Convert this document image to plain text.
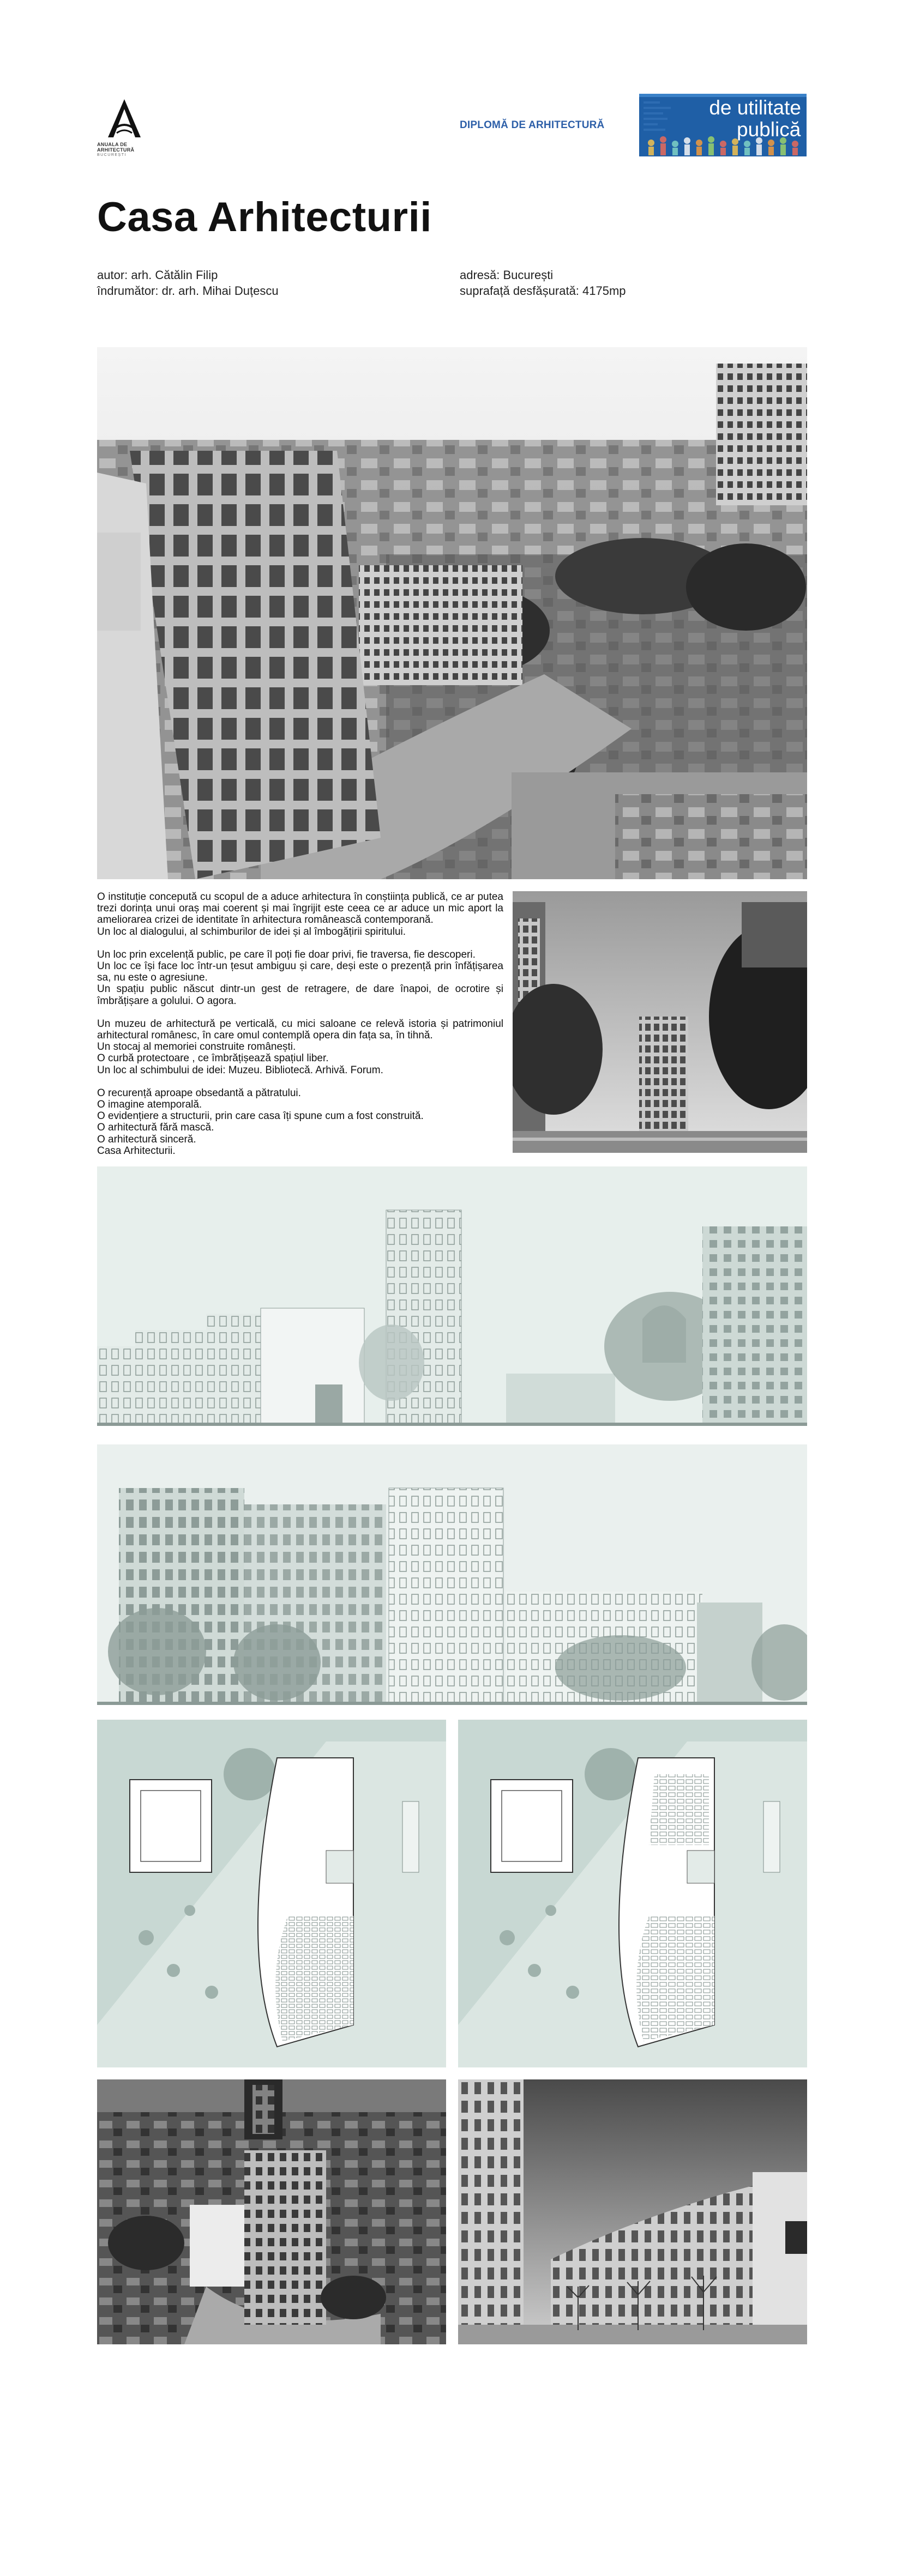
ANUALA DE ARHITECTURĂ
BUCUREȘTI
DIPLOMĂ DE ARHITECTURĂ
de utilitate
publică
Casa Arhitecturii
autor: arh. Cătălin Filip
îndrumător: dr. arh. Mihai Duțescu
adresă: București
suprafață desfășurată: 4175mp

O instituție concepută cu scopul de a aduce arhitectura în conștiința publică, ce ar putea trezi dorința unui oraș mai coerent și mai îngrijit este ceea ce ar aduce un mic aport la ameliorarea crizei de identitate în arhitectura românească contemporană.
Un loc al dialogului, al schimburilor de idei și al îmbogățirii spiritului.

Un loc prin excelență public, pe care îl poți fie doar privi, fie traversa, fie descoperi.
Un loc ce își face loc într-un țesut ambiguu și care, deși este o prezență prin înfățișarea sa, nu este o agresiune.
Un spațiu public născut dintr-un gest de retragere, de dare înapoi, de ocrotire și îmbrățișare a golului. O agora.

Un muzeu de arhitectură pe verticală, cu mici saloane ce relevă istoria și patrimoniul arhitectural românesc, în care omul contemplă opera din fața sa, în tihnă.
Un stocaj al memoriei construite românești.
O curbă protectoare , ce îmbrățișează spațiul liber.
Un loc al schimbului de idei: Muzeu. Bibliotecă. Arhivă. Forum.

O recurență aproape obsedantă a pătratului.
O imagine atemporală.
O evidențiere a structurii, prin care casa îți spune cum a fost construită.
O arhitectură fără mască.
O arhitectură sinceră.
Casa Arhitecturii.
